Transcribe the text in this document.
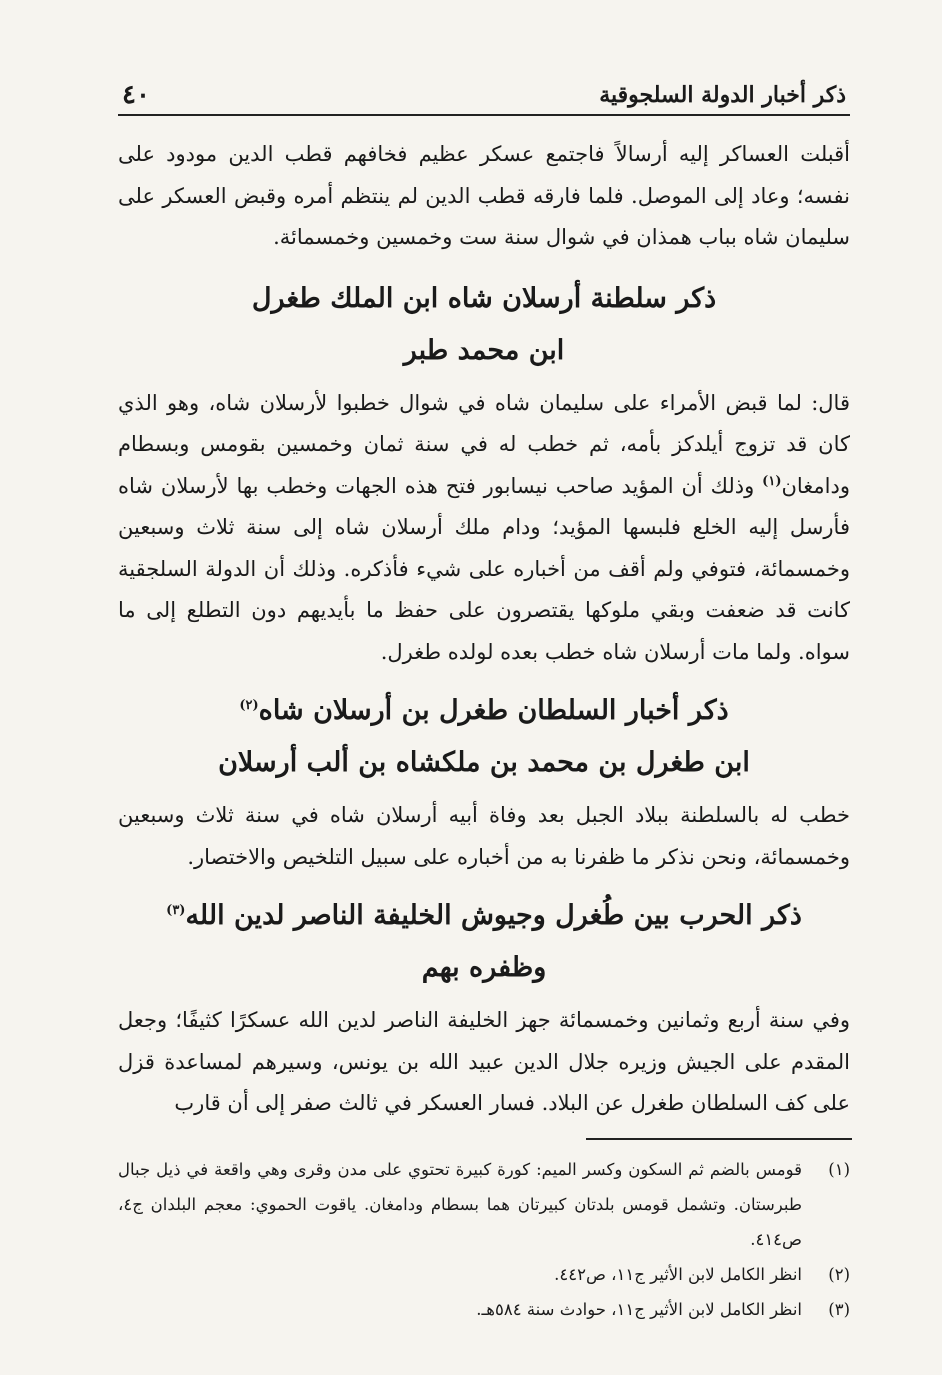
ذكر أخبار الدولة السلجوقية
٤٠

أقبلت العساكر إليه أرسالاً فاجتمع عسكر عظيم فخافهم قطب الدين مودود على نفسه؛ وعاد إلى الموصل. فلما فارقه قطب الدين لم ينتظم أمره وقبض العسكر على سليمان شاه بباب همذان في شوال سنة ست وخمسين وخمسمائة.

ذكر سلطنة أرسلان شاه ابن الملك طغرل

ابن محمد طبر

قال: لما قبض الأمراء على سليمان شاه في شوال خطبوا لأرسلان شاه، وهو الذي كان قد تزوج أيلدكز بأمه، ثم خطب له في سنة ثمان وخمسين بقومس وبسطام ودامغان$^{(١)}$ وذلك أن المؤيد صاحب نيسابور فتح هذه الجهات وخطب بها لأرسلان شاه فأرسل إليه الخلع فلبسها المؤيد؛ ودام ملك أرسلان شاه إلى سنة ثلاث وسبعين وخمسمائة، فتوفي ولم أقف من أخباره على شيء فأذكره. وذلك أن الدولة السلجقية كانت قد ضعفت وبقي ملوكها يقتصرون على حفظ ما بأيديهم دون التطلع إلى ما سواه. ولما مات أرسلان شاه خطب بعده لولده طغرل.

ذكر أخبار السلطان طغرل بن أرسلان شاه$^{(٢)}$

ابن طغرل بن محمد بن ملكشاه بن ألب أرسلان

خطب له بالسلطنة ببلاد الجبل بعد وفاة أبيه أرسلان شاه في سنة ثلاث وسبعين وخمسمائة، ونحن نذكر ما ظفرنا به من أخباره على سبيل التلخيص والاختصار.

ذكر الحرب بين طُغرل وجيوش الخليفة الناصر لدين الله$^{(٣)}$

وظفره بهم

وفي سنة أربع وثمانين وخمسمائة جهز الخليفة الناصر لدين الله عسكرًا كثيفًا؛ وجعل المقدم على الجيش وزيره جلال الدين عبيد الله بن يونس، وسيرهم لمساعدة قزل على كف السلطان طغرل عن البلاد. فسار العسكر في ثالث صفر إلى أن قارب

(١)
قومس بالضم ثم السكون وكسر الميم: كورة كبيرة تحتوي على مدن وقرى وهي واقعة في ذيل جبال طبرستان. وتشمل قومس بلدتان كبيرتان هما بسطام ودامغان. ياقوت الحموي: معجم البلدان ج٤، ص٤١٤.

(٢)
انظر الكامل لابن الأثير ج١١، ص٤٤٢.

(٣)
انظر الكامل لابن الأثير ج١١، حوادث سنة ٥٨٤هـ.
